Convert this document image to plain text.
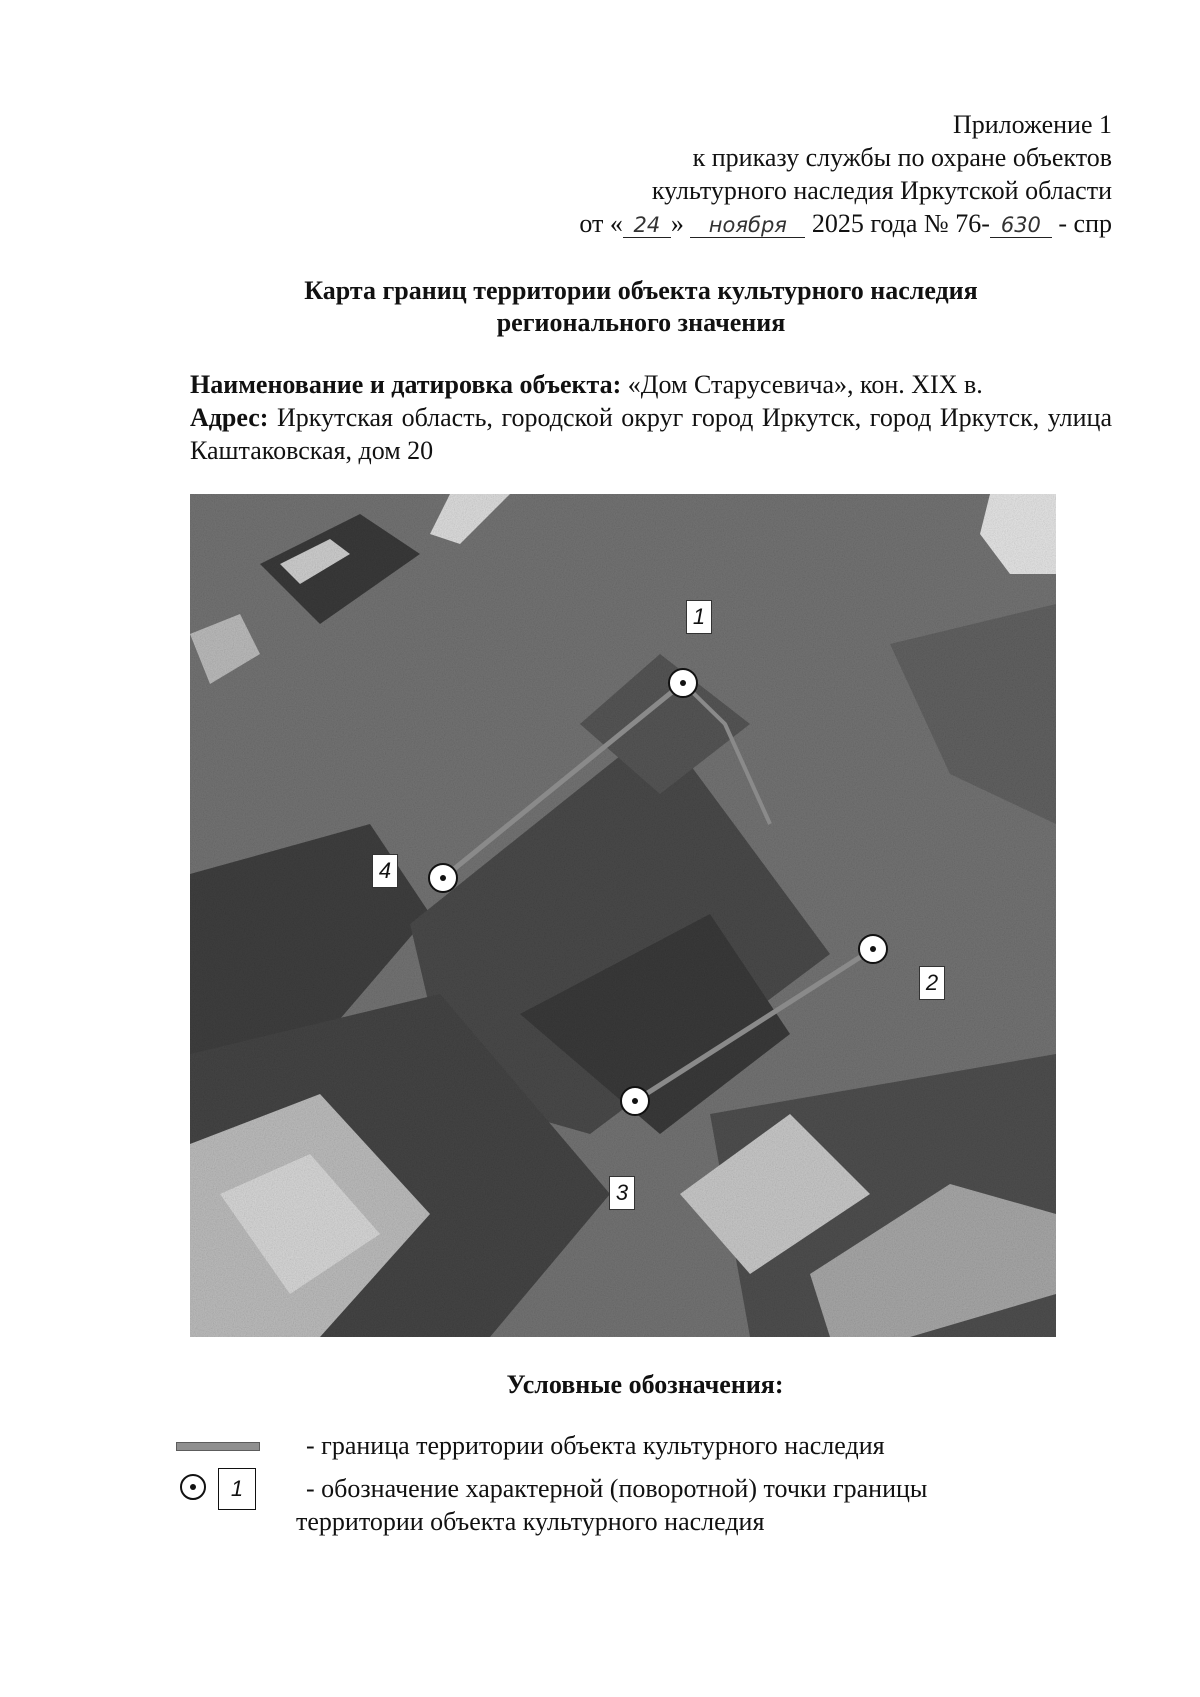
Приложение 1
к приказу службы по охране объектов
культурного наследия Иркутской области
от « 24 » ноября 2025 года № 76- 630 - спр
Карта границ территории объекта культурного наследия
регионального значения

Наименование и датировка объекта: «Дом Старусевича», кон. XIX в.

Адрес: Иркутская область, городской округ город Иркутск, город Иркутск, улица Каштаковская, дом 20

1
2
3
4
Условные обозначения:
- граница территории объекта культурного наследия
1	- обозначение характерной (поворотной) точки границы
территории объекта культурного наследия
